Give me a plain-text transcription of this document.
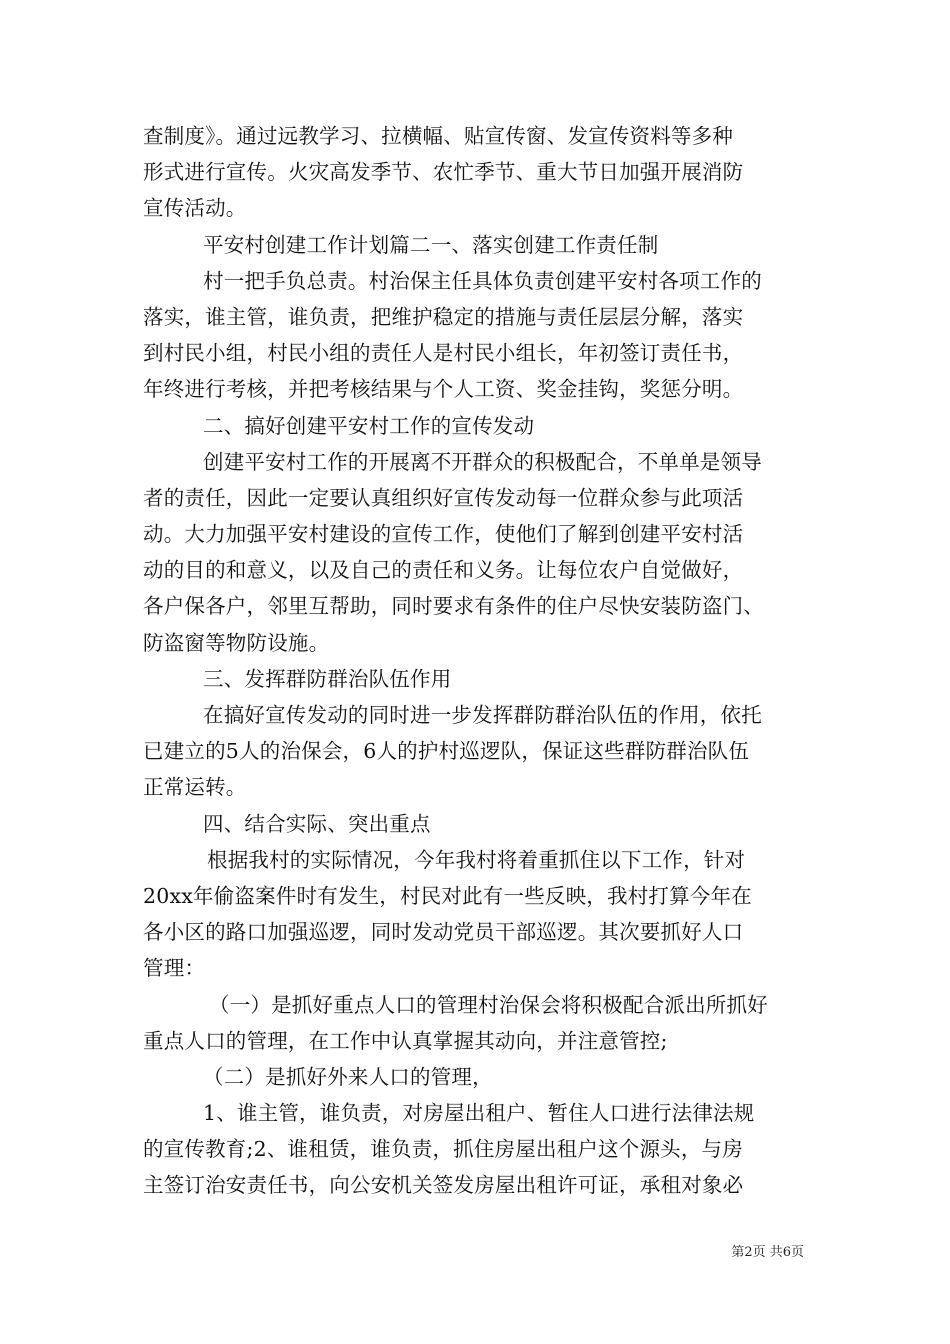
查制度》。通过远教学习、拉横幅、贴宣传窗、发宣传资料等多种
形式进行宣传。火灾高发季节、农忙季节、重大节日加强开展消防
宣传活动。
平安村创建工作计划篇二一、落实创建工作责任制
村一把手负总责。村治保主任具体负责创建平安村各项工作的
落实，谁主管，谁负责，把维护稳定的措施与责任层层分解，落实
到村民小组，村民小组的责任人是村民小组长，年初签订责任书，
年终进行考核，并把考核结果与个人工资、奖金挂钩，奖惩分明。
二、搞好创建平安村工作的宣传发动
创建平安村工作的开展离不开群众的积极配合，不单单是领导
者的责任，因此一定要认真组织好宣传发动每一位群众参与此项活
动。大力加强平安村建设的宣传工作，使他们了解到创建平安村活
动的目的和意义，以及自己的责任和义务。让每位农户自觉做好，
各户保各户，邻里互帮助，同时要求有条件的住户尽快安装防盗门、
防盗窗等物防设施。
三、发挥群防群治队伍作用
在搞好宣传发动的同时进一步发挥群防群治队伍的作用，依托
已建立的5人的治保会，6人的护村巡逻队，保证这些群防群治队伍
正常运转。
四、结合实际、突出重点
根据我村的实际情况，今年我村将着重抓住以下工作，针对
20xx年偷盗案件时有发生，村民对此有一些反映，我村打算今年在
各小区的路口加强巡逻，同时发动党员干部巡逻。其次要抓好人口
管理：
（一）是抓好重点人口的管理村治保会将积极配合派出所抓好
重点人口的管理，在工作中认真掌握其动向，并注意管控;
（二）是抓好外来人口的管理，
1、谁主管，谁负责，对房屋出租户、暂住人口进行法律法规
的宣传教育;2、谁租赁，谁负责，抓住房屋出租户这个源头，与房
主签订治安责任书，向公安机关签发房屋出租许可证，承租对象必
第2页 共6页
